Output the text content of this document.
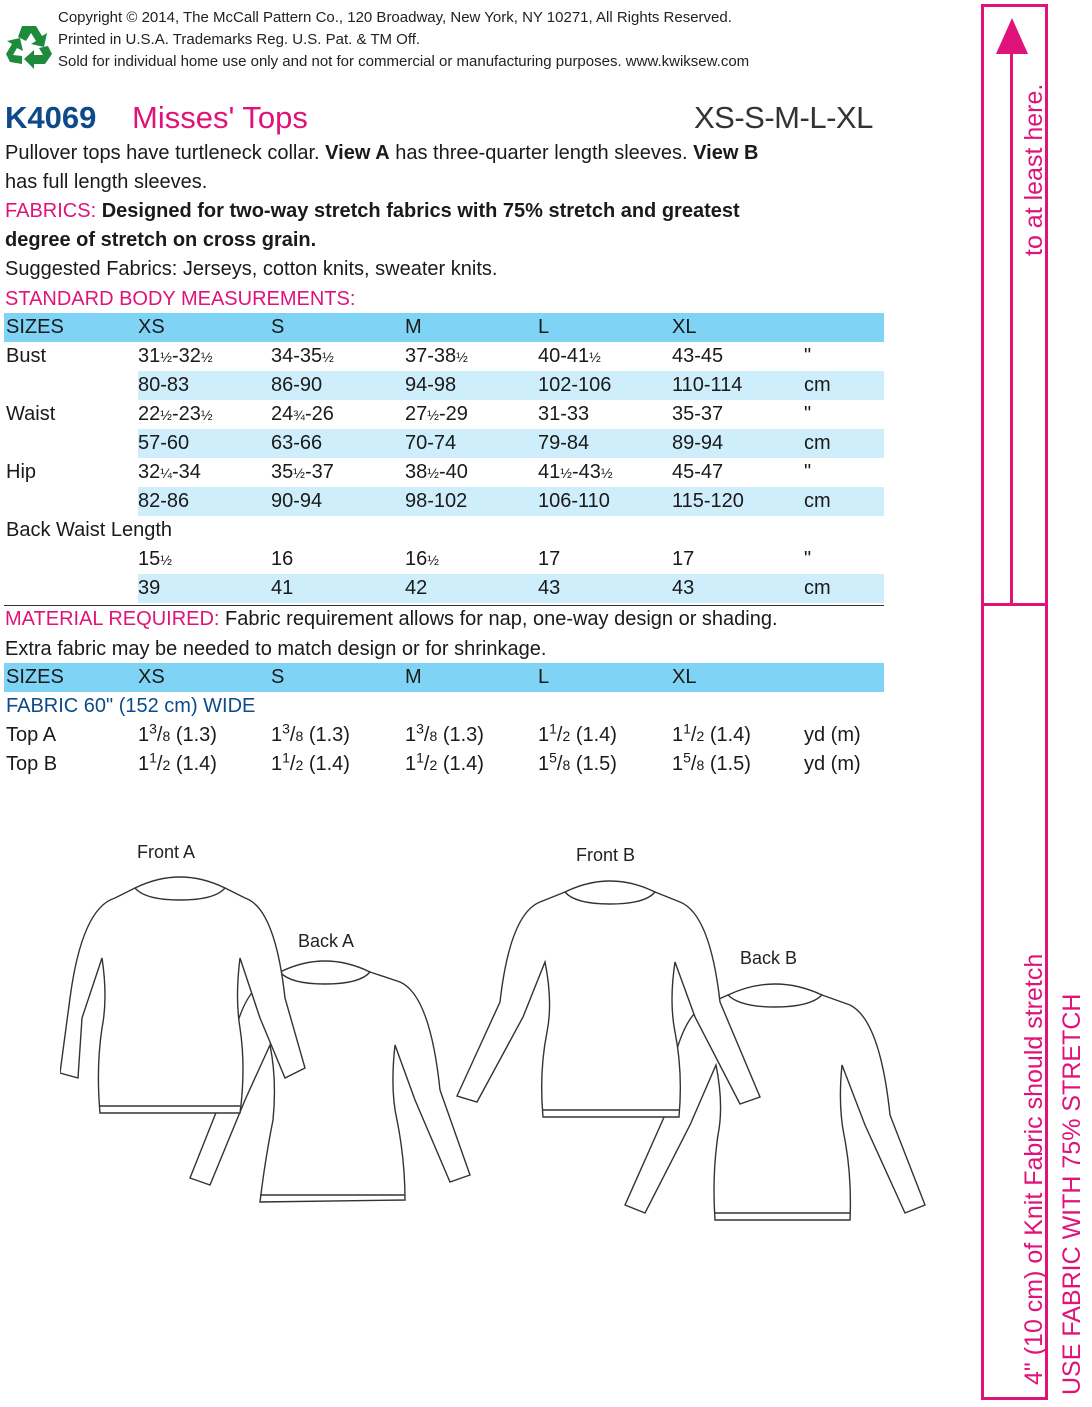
Copyright © 2014, The McCall Pattern Co., 120 Broadway, New York, NY 10271, All Rights Reserved.
Printed in U.S.A. Trademarks Reg. U.S. Pat. & TM Off.
Sold for individual home use only and not for commercial or manufacturing purposes. www.kwiksew.com
K4069 Misses' Tops	XS-S-M-L-XL
Pullover tops have turtleneck collar. View A has three-quarter length sleeves. View B
has full length sleeves.
FABRICS: Designed for two-way stretch fabrics with 75% stretch and greatest
degree of stretch on cross grain.
Suggested Fabrics: Jerseys, cotton knits, sweater knits.
STANDARD BODY MEASUREMENTS:
SIZES	XS	S	M	L	XL	
Bust	31½-32½	34-35½	37-38½	40-41½	43-45	"
	80-83	86-90	94-98	102-106	110-114	cm
Waist	22½-23½	24¾-26	27½-29	31-33	35-37	"
	57-60	63-66	70-74	79-84	89-94	cm
Hip	32¼-34	35½-37	38½-40	41½-43½	45-47	"
	82-86	90-94	98-102	106-110	115-120	cm
Back Waist Length						
	15½	16	16½	17	17	"
	39	41	42	43	43	cm
MATERIAL REQUIRED: Fabric requirement allows for nap, one-way design or shading.
Extra fabric may be needed to match design or for shrinkage.
SIZES	XS	S	M	L	XL	
FABRIC 60" (152 cm) WIDE						
Top A	$1^3/8$ (1.3)	$1^3/8$ (1.3)	$1^3/8$ (1.3)	$1^1/2$ (1.4)	$1^1/2$ (1.4)	yd (m)
Top B	$1^1/2$ (1.4)	$1^1/2$ (1.4)	$1^1/2$ (1.4)	$1^5/8$ (1.5)	$1^5/8$ (1.5)	yd (m)
Front A
Back A
Front B
Back B
to at least here.
4" (10 cm) of Knit Fabric should stretch USE FABRIC WITH 75% STRETCH
